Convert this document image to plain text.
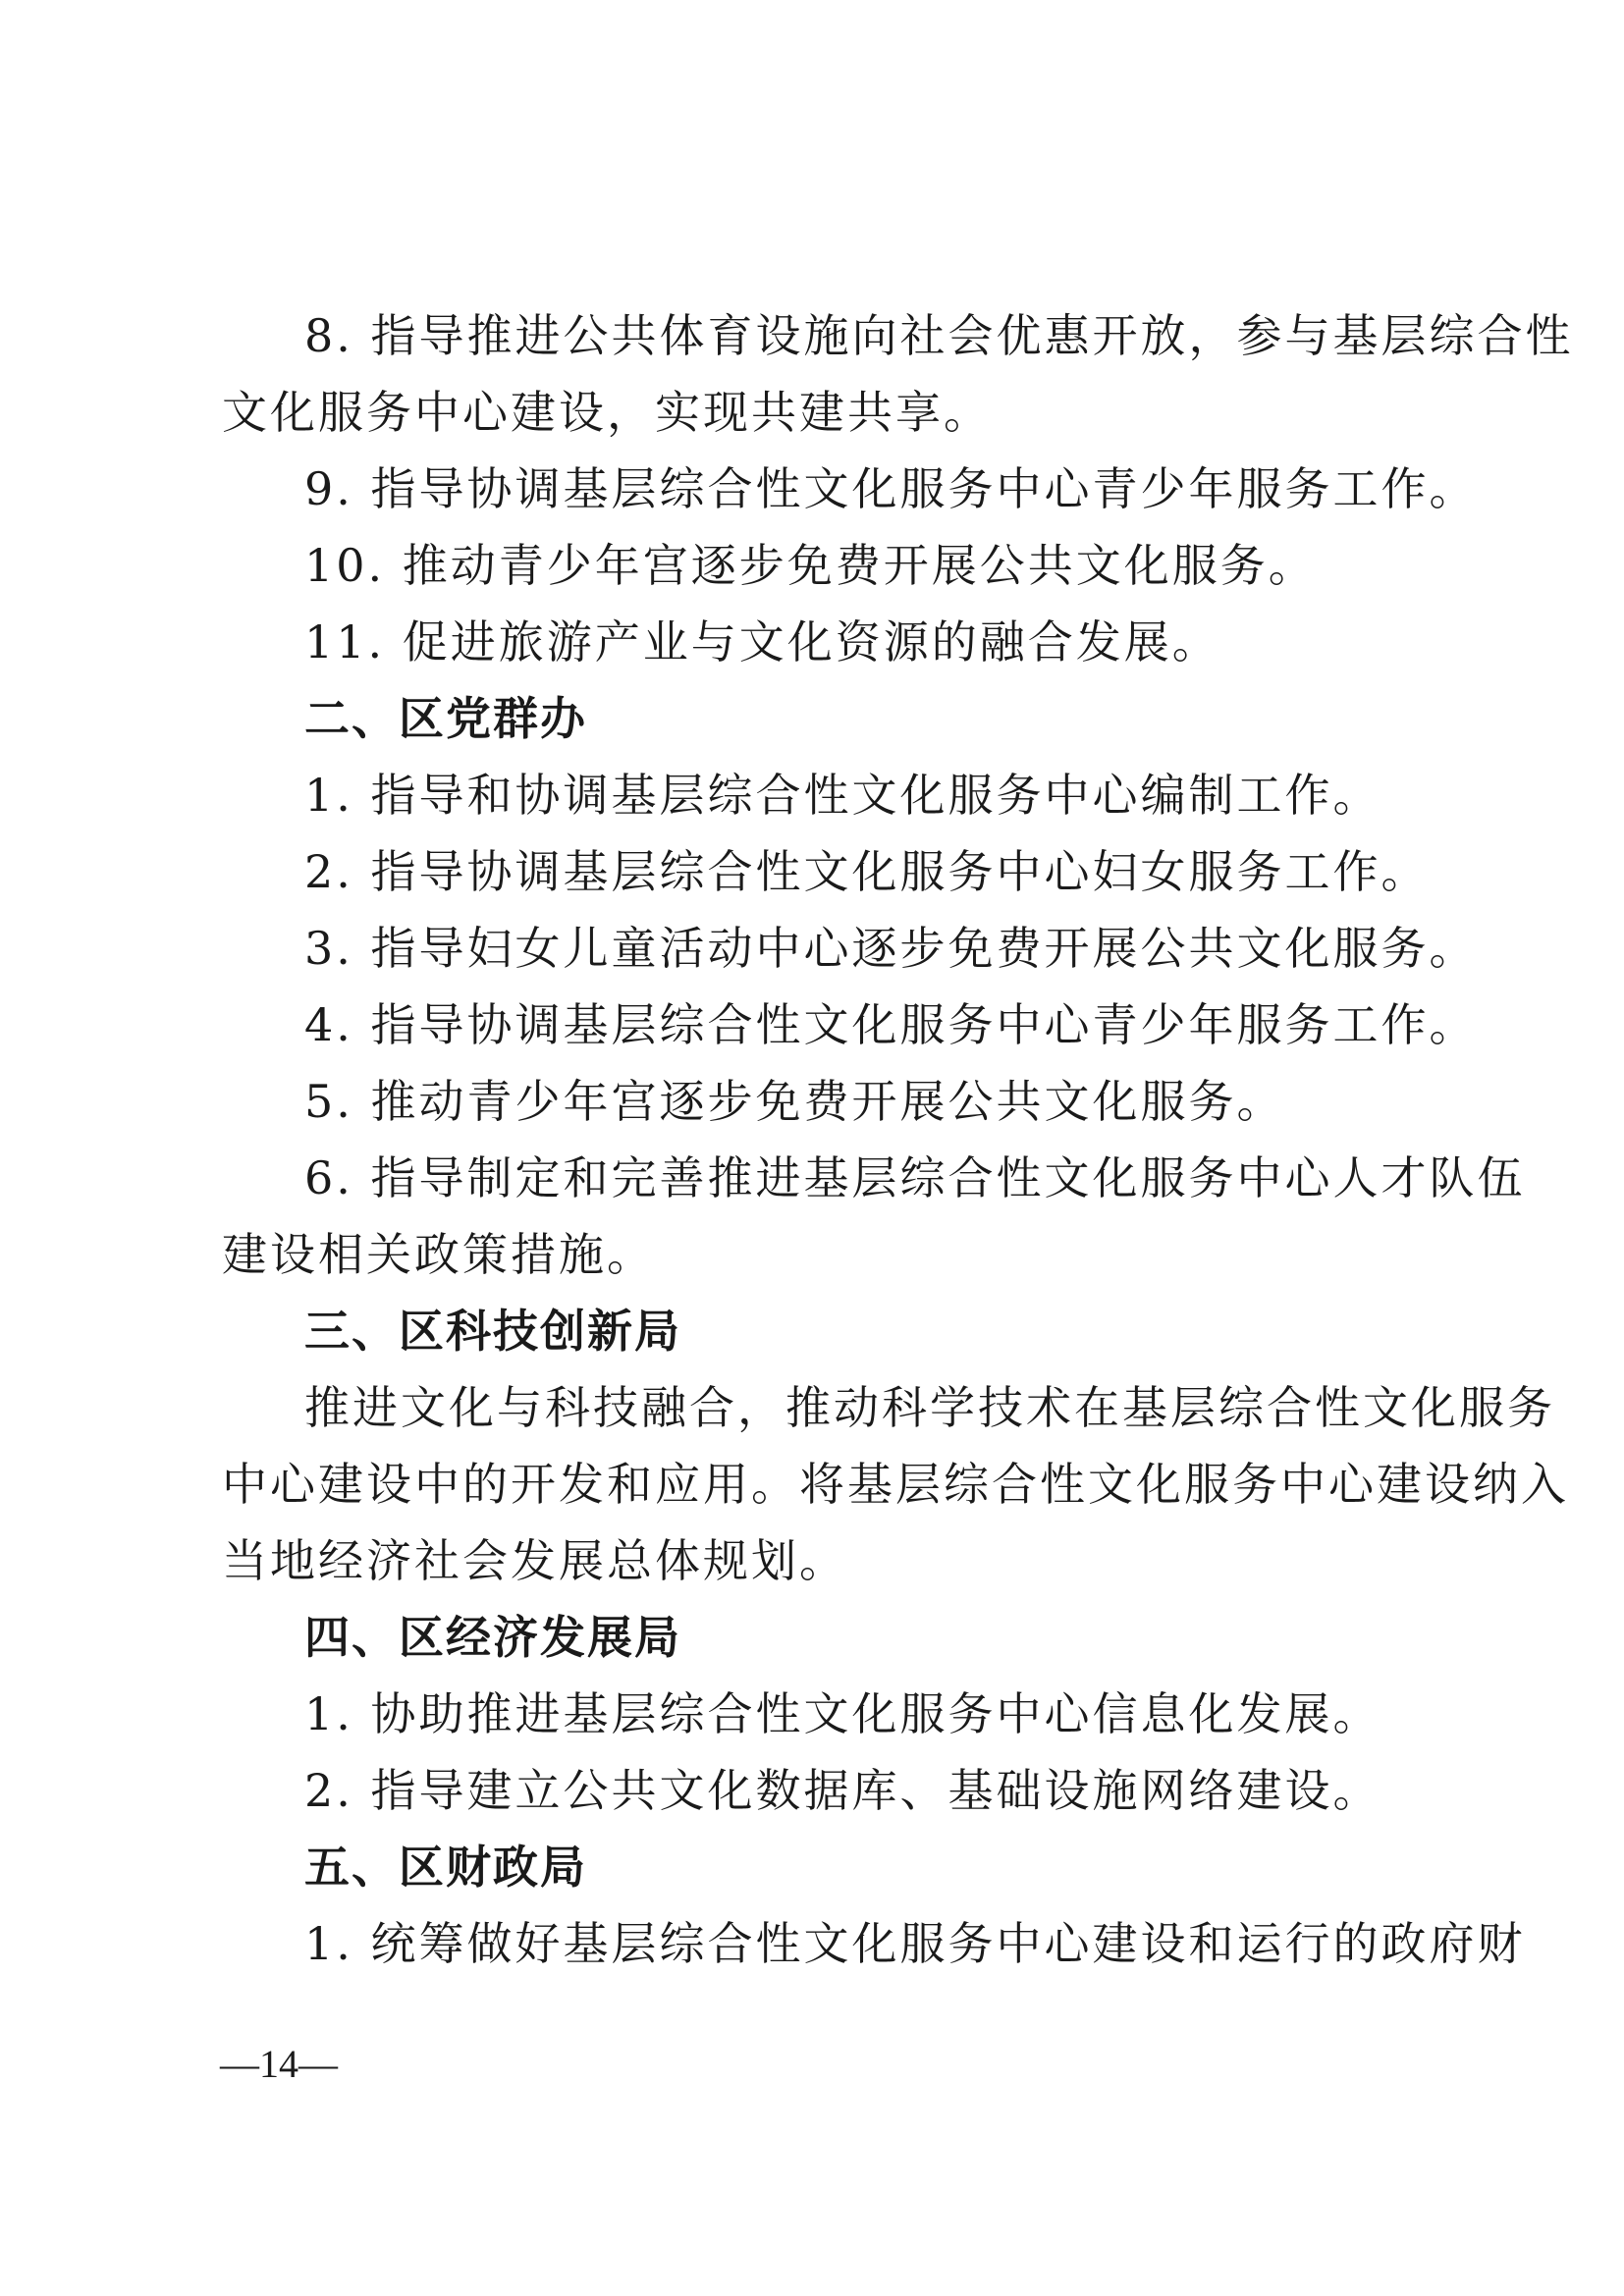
8. 指导推进公共体育设施向社会优惠开放，参与基层综合性

文化服务中心建设，实现共建共享。

9. 指导协调基层综合性文化服务中心青少年服务工作。

10. 推动青少年宫逐步免费开展公共文化服务。

11. 促进旅游产业与文化资源的融合发展。

二、区党群办

1. 指导和协调基层综合性文化服务中心编制工作。

2. 指导协调基层综合性文化服务中心妇女服务工作。

3. 指导妇女儿童活动中心逐步免费开展公共文化服务。

4. 指导协调基层综合性文化服务中心青少年服务工作。

5. 推动青少年宫逐步免费开展公共文化服务。

6. 指导制定和完善推进基层综合性文化服务中心人才队伍

建设相关政策措施。

三、区科技创新局

推进文化与科技融合，推动科学技术在基层综合性文化服务

中心建设中的开发和应用。将基层综合性文化服务中心建设纳入

当地经济社会发展总体规划。

四、区经济发展局

1. 协助推进基层综合性文化服务中心信息化发展。

2. 指导建立公共文化数据库、基础设施网络建设。

五、区财政局

1. 统筹做好基层综合性文化服务中心建设和运行的政府财

—14—
